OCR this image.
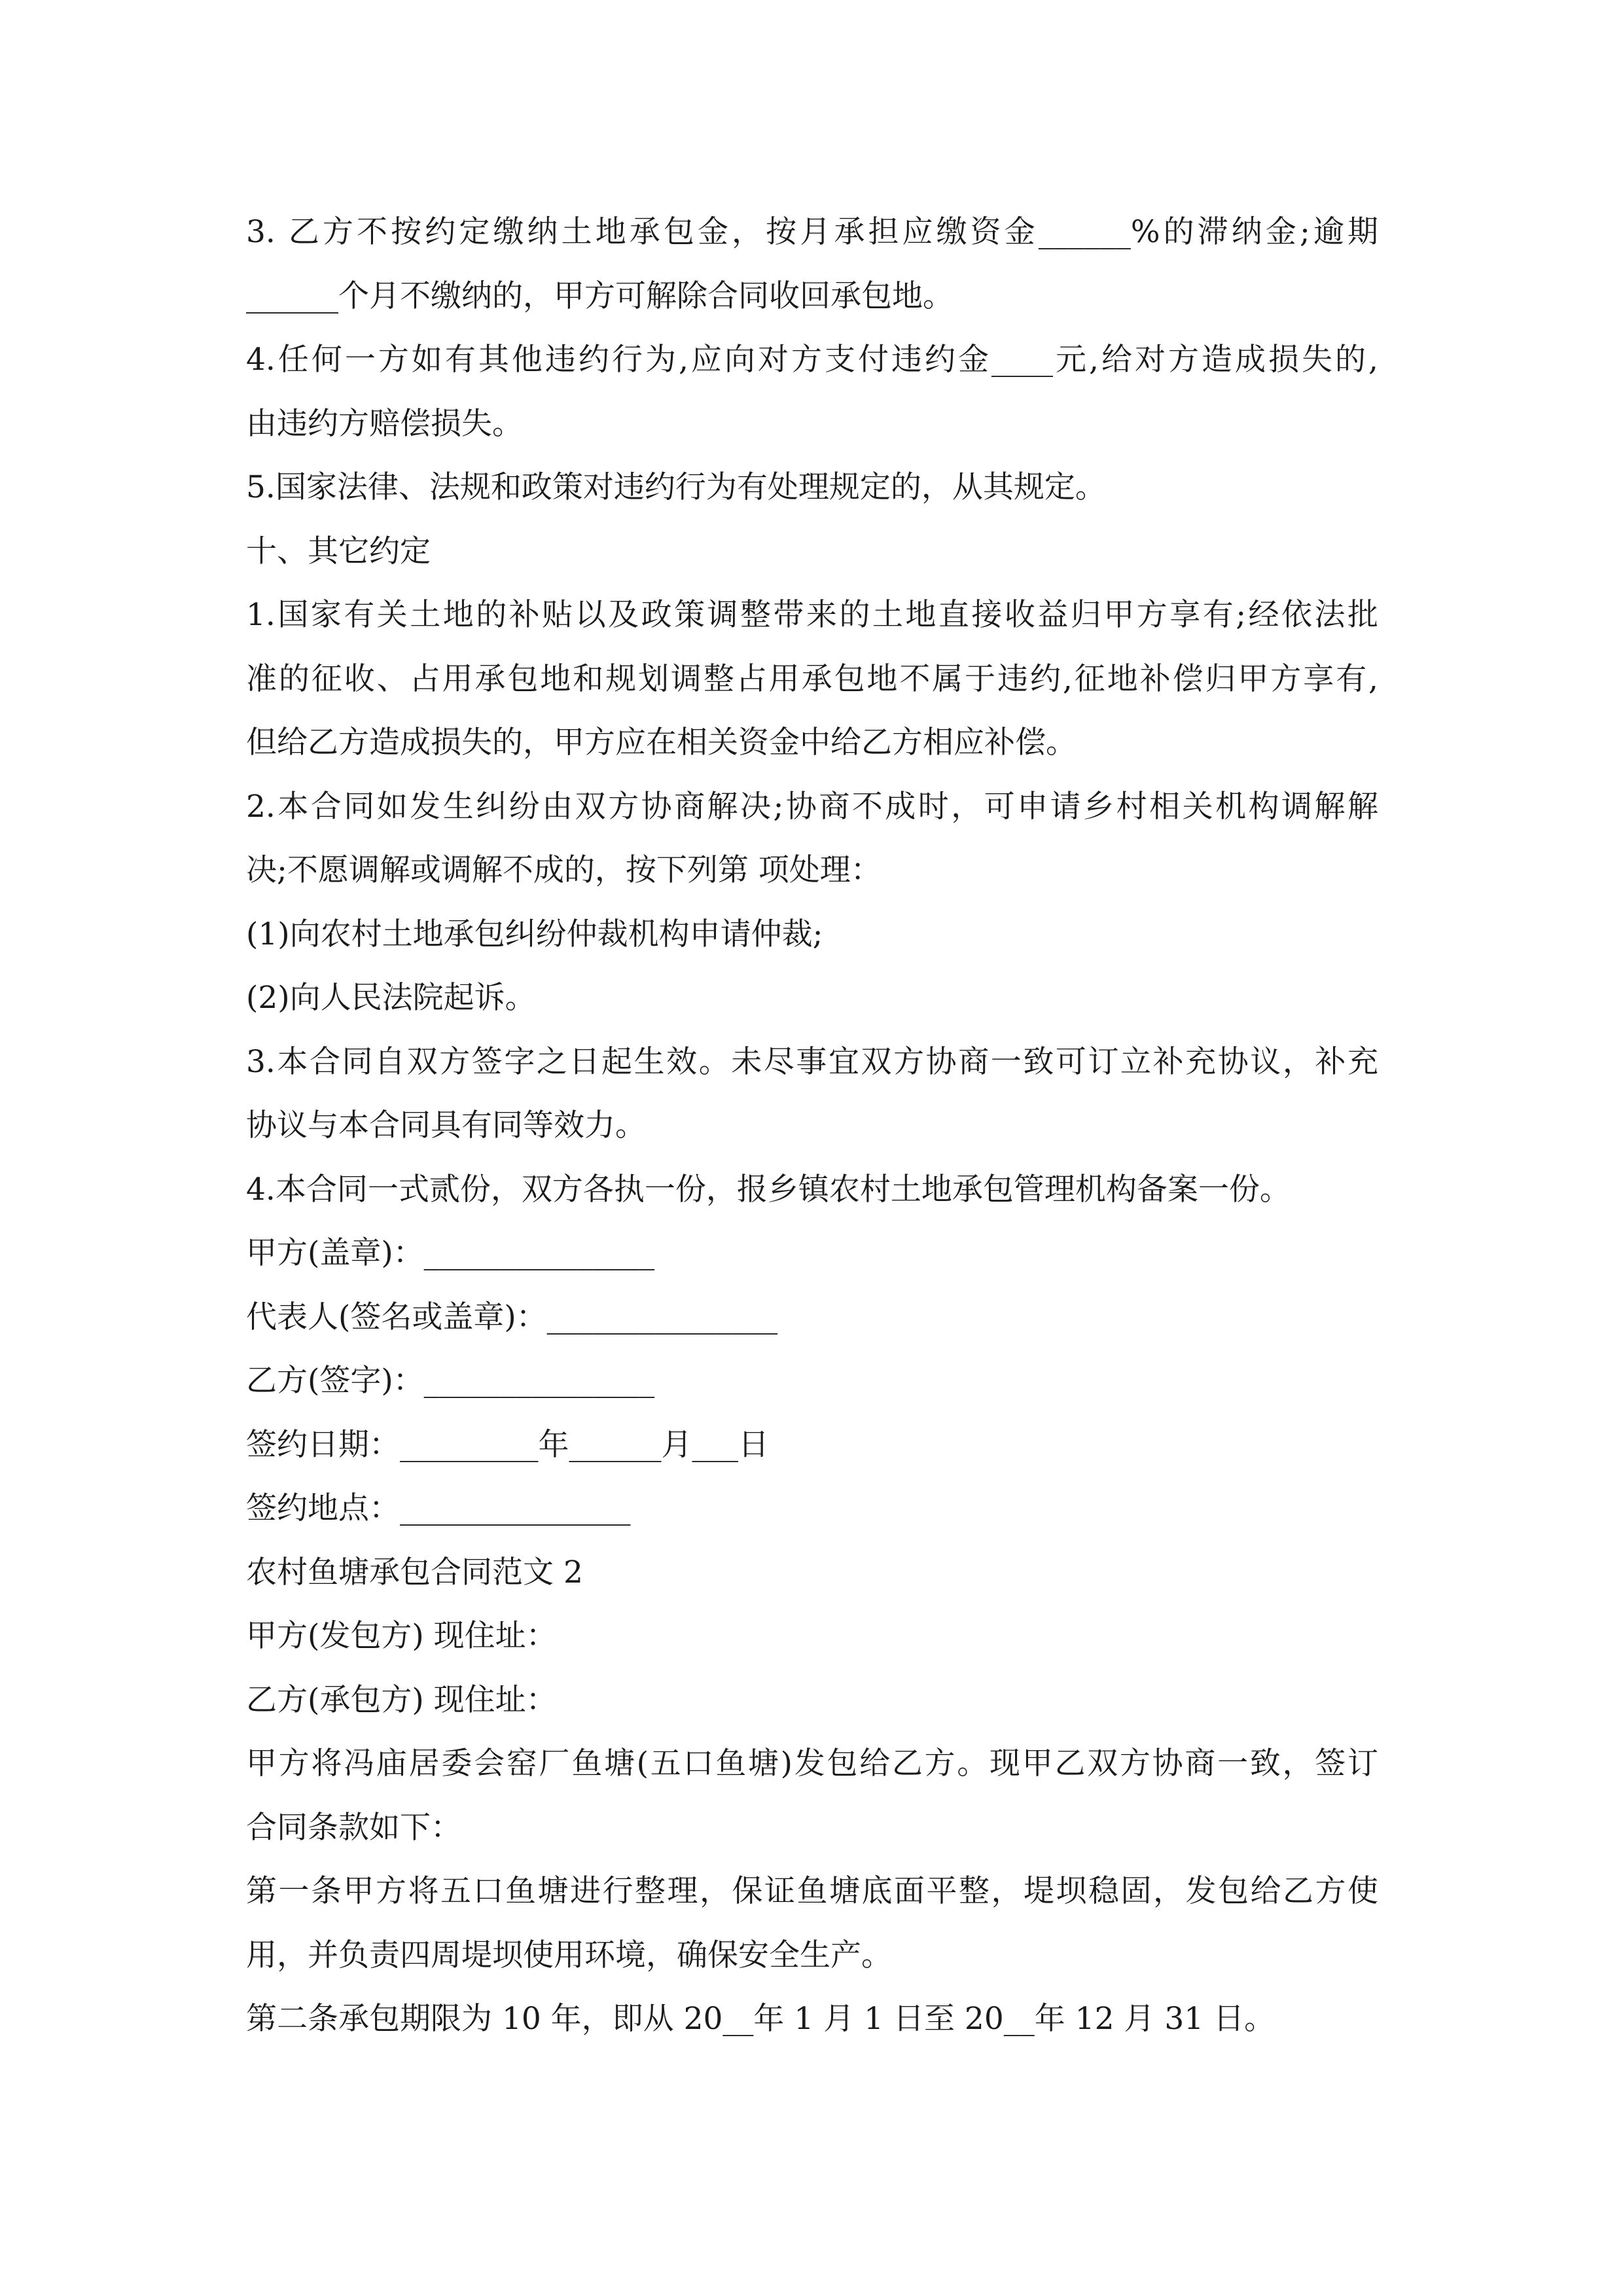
3. 乙方不按约定缴纳土地承包金，按月承担应缴资金______%的滞纳金;逾期
______个月不缴纳的，甲方可解除合同收回承包地。
4.任何一方如有其他违约行为,应向对方支付违约金____元,给对方造成损失的,
由违约方赔偿损失。
5.国家法律、法规和政策对违约行为有处理规定的，从其规定。
十、其它约定
1.国家有关土地的补贴以及政策调整带来的土地直接收益归甲方享有;经依法批
准的征收、占用承包地和规划调整占用承包地不属于违约,征地补偿归甲方享有,
但给乙方造成损失的，甲方应在相关资金中给乙方相应补偿。
2.本合同如发生纠纷由双方协商解决;协商不成时，可申请乡村相关机构调解解
决;不愿调解或调解不成的，按下列第 项处理：
(1)向农村土地承包纠纷仲裁机构申请仲裁;
(2)向人民法院起诉。
3.本合同自双方签字之日起生效。未尽事宜双方协商一致可订立补充协议，补充
协议与本合同具有同等效力。
4.本合同一式贰份，双方各执一份，报乡镇农村土地承包管理机构备案一份。
甲方(盖章)：_______________
代表人(签名或盖章)：_______________
乙方(签字)：_______________
签约日期：_________年______月___日
签约地点：_______________
农村鱼塘承包合同范文 2
甲方(发包方) 现住址：
乙方(承包方) 现住址：
甲方将冯庙居委会窑厂鱼塘(五口鱼塘)发包给乙方。现甲乙双方协商一致，签订
合同条款如下：
第一条甲方将五口鱼塘进行整理，保证鱼塘底面平整，堤坝稳固，发包给乙方使
用，并负责四周堤坝使用环境，确保安全生产。
第二条承包期限为 10 年，即从 20__年 1 月 1 日至 20__年 12 月 31 日。
